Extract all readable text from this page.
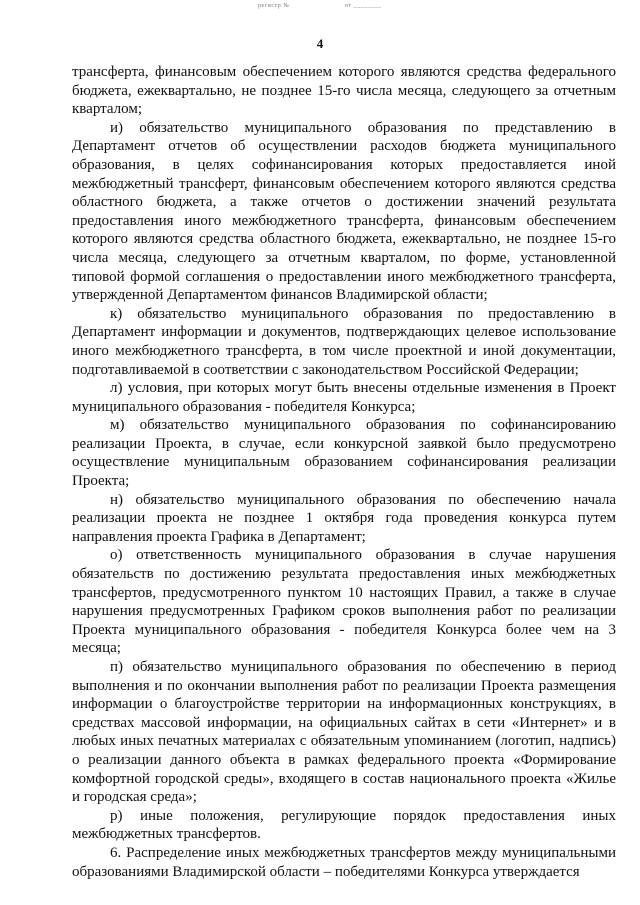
регистр №	от ________
4

трансферта, финансовым обеспечением которого являются средства федерального бюджета, ежеквартально, не позднее 15-го числа месяца, следующего за отчетным кварталом;

и) обязательство муниципального образования по представлению в Департамент отчетов об осуществлении расходов бюджета муниципального образования, в целях софинансирования которых предоставляется иной межбюджетный трансферт, финансовым обеспечением которого являются средства областного бюджета, а также отчетов о достижении значений результата предоставления иного межбюджетного трансферта, финансовым обеспечением которого являются средства областного бюджета, ежеквартально, не позднее 15-го числа месяца, следующего за отчетным кварталом, по форме, установленной типовой формой соглашения о предоставлении иного межбюджетного трансферта, утвержденной Департаментом финансов Владимирской области;

к) обязательство муниципального образования по предоставлению в Департамент информации и документов, подтверждающих целевое использование иного межбюджетного трансферта, в том числе проектной и иной документации, подготавливаемой в соответствии с законодательством Российской Федерации;

л) условия, при которых могут быть внесены отдельные изменения в Проект муниципального образования - победителя Конкурса;

м) обязательство муниципального образования по софинансированию реализации Проекта, в случае, если конкурсной заявкой было предусмотрено осуществление муниципальным образованием софинансирования реализации Проекта;

н) обязательство муниципального образования по обеспечению начала реализации проекта не позднее 1 октября года проведения конкурса путем направления проекта Графика в Департамент;

о) ответственность муниципального образования в случае нарушения обязательств по достижению результата предоставления иных межбюджетных трансфертов, предусмотренного пунктом 10 настоящих Правил, а также в случае нарушения предусмотренных Графиком сроков выполнения работ по реализации Проекта муниципального образования - победителя Конкурса более чем на 3 месяца;

п) обязательство муниципального образования по обеспечению в период выполнения и по окончании выполнения работ по реализации Проекта размещения информации о благоустройстве территории на информационных конструкциях, в средствах массовой информации, на официальных сайтах в сети «Интернет» и в любых иных печатных материалах с обязательным упоминанием (логотип, надпись) о реализации данного объекта в рамках федерального проекта «Формирование комфортной городской среды», входящего в состав национального проекта «Жилье и городская среда»;

р) иные положения, регулирующие порядок предоставления иных межбюджетных трансфертов.

6. Распределение иных межбюджетных трансфертов между муниципальными образованиями Владимирской области – победителями Конкурса утверждается
